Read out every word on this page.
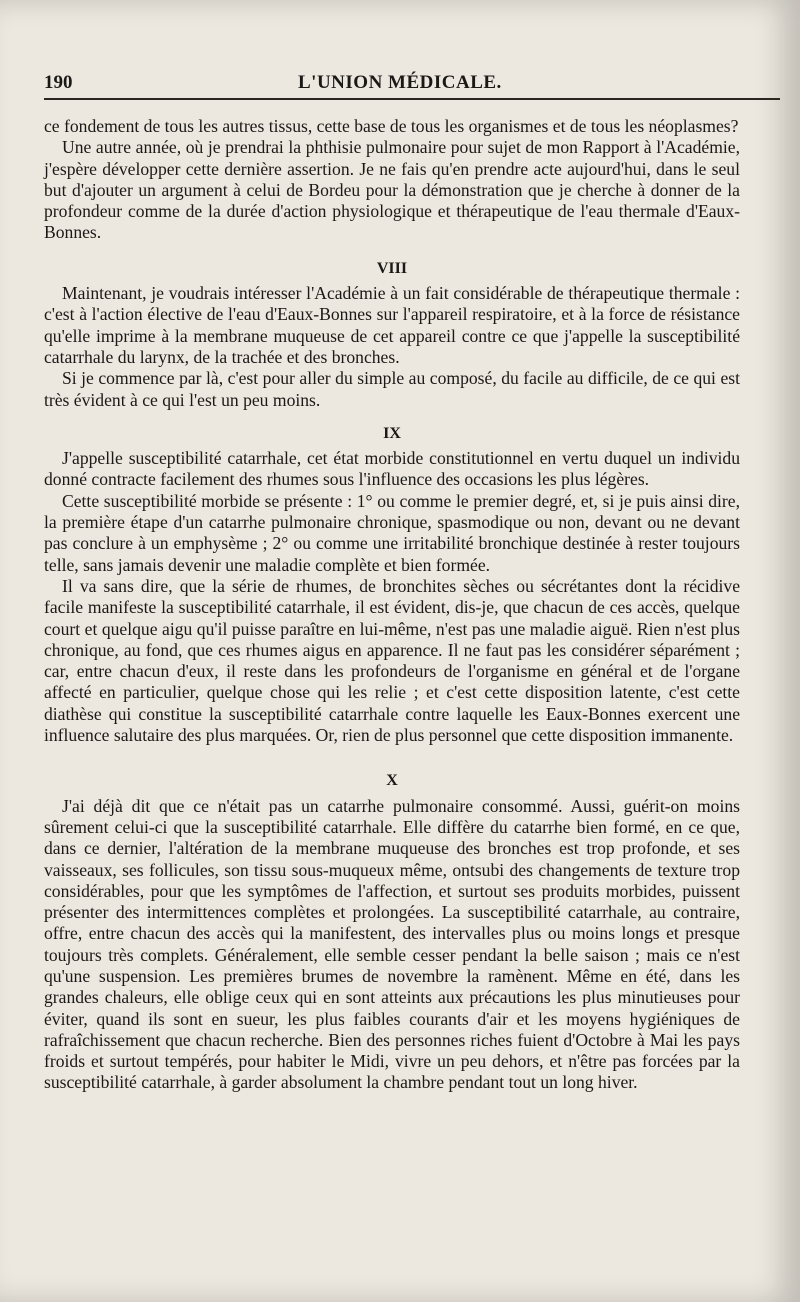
190	L'UNION MÉDICALE.

ce fondement de tous les autres tissus, cette base de tous les organismes et de tous les néoplasmes?

Une autre année, où je prendrai la phthisie pulmonaire pour sujet de mon Rapport à l'Académie, j'espère développer cette dernière assertion. Je ne fais qu'en prendre acte aujourd'hui, dans le seul but d'ajouter un argument à celui de Bordeu pour la démonstration que je cherche à donner de la profondeur comme de la durée d'action physiologique et thérapeutique de l'eau thermale d'Eaux-Bonnes.

VIII

Maintenant, je voudrais intéresser l'Académie à un fait considérable de thérapeutique thermale : c'est à l'action élective de l'eau d'Eaux-Bonnes sur l'appareil respiratoire, et à la force de résistance qu'elle imprime à la membrane muqueuse de cet appareil contre ce que j'appelle la susceptibilité catarrhale du larynx, de la trachée et des bronches.

Si je commence par là, c'est pour aller du simple au composé, du facile au difficile, de ce qui est très évident à ce qui l'est un peu moins.

IX

J'appelle susceptibilité catarrhale, cet état morbide constitutionnel en vertu duquel un individu donné contracte facilement des rhumes sous l'influence des occasions les plus légères.

Cette susceptibilité morbide se présente : 1° ou comme le premier degré, et, si je puis ainsi dire, la première étape d'un catarrhe pulmonaire chronique, spasmodique ou non, devant ou ne devant pas conclure à un emphysème ; 2° ou comme une irritabilité bronchique destinée à rester toujours telle, sans jamais devenir une maladie complète et bien formée.

Il va sans dire, que la série de rhumes, de bronchites sèches ou sécrétantes dont la récidive facile manifeste la susceptibilité catarrhale, il est évident, dis-je, que chacun de ces accès, quelque court et quelque aigu qu'il puisse paraître en lui-même, n'est pas une maladie aiguë. Rien n'est plus chronique, au fond, que ces rhumes aigus en apparence. Il ne faut pas les considérer séparément ; car, entre chacun d'eux, il reste dans les profondeurs de l'organisme en général et de l'organe affecté en particulier, quelque chose qui les relie ; et c'est cette disposition latente, c'est cette diathèse qui constitue la susceptibilité catarrhale contre laquelle les Eaux-Bonnes exercent une influence salutaire des plus marquées. Or, rien de plus personnel que cette disposition immanente.

X

J'ai déjà dit que ce n'était pas un catarrhe pulmonaire consommé. Aussi, guérit-on moins sûrement celui-ci que la susceptibilité catarrhale. Elle diffère du catarrhe bien formé, en ce que, dans ce dernier, l'altération de la membrane muqueuse des bronches est trop profonde, et ses vaisseaux, ses follicules, son tissu sous-muqueux même, ontsubi des changements de texture trop considérables, pour que les symptômes de l'affection, et surtout ses produits morbides, puissent présenter des intermittences complètes et prolongées. La susceptibilité catarrhale, au contraire, offre, entre chacun des accès qui la manifestent, des intervalles plus ou moins longs et presque toujours très complets. Généralement, elle semble cesser pendant la belle saison ; mais ce n'est qu'une suspension. Les premières brumes de novembre la ramènent. Même en été, dans les grandes chaleurs, elle oblige ceux qui en sont atteints aux précautions les plus minutieuses pour éviter, quand ils sont en sueur, les plus faibles courants d'air et les moyens hygiéniques de rafraîchissement que chacun recherche. Bien des personnes riches fuient d'Octobre à Mai les pays froids et surtout tempérés, pour habiter le Midi, vivre un peu dehors, et n'être pas forcées par la susceptibilité catarrhale, à garder absolument la chambre pendant tout un long hiver.
